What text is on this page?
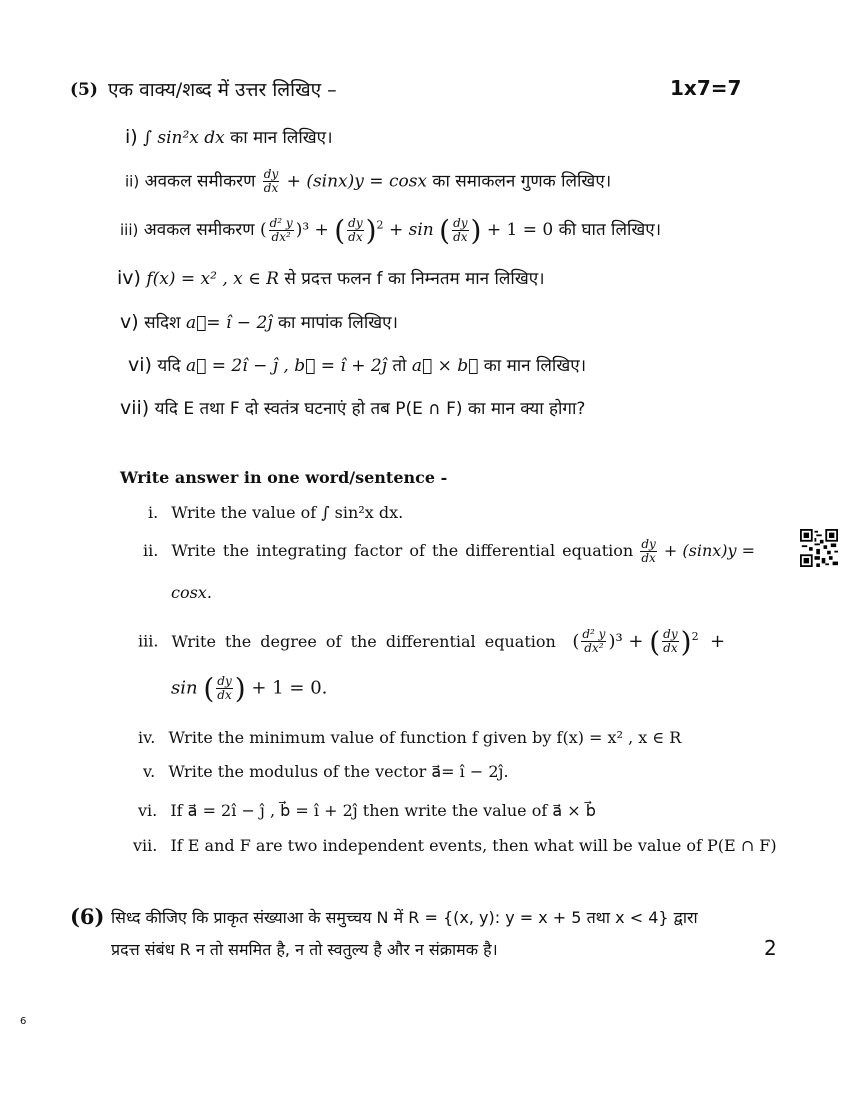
(5) एक वाक्य/शब्द में उत्तर लिखिए –	1x7=7
i) ∫ sin²x dx का मान लिखिए।
ii) अवकल समीकरण $\frac{dy}{dx} + (\sin x)y = \cos x$ का समाकलन गुणक लिखिए।
iii) अवकल समीकरण ( $\frac{\text{d² y}}{\text{dx²}} )^3$ + ( $\frac{dy}{dx} )^2 + \sin$ ( $\frac{dy}{dx}$ ) + 1 = 0 की घात लिखिए।
iv) f(x) = x² , x ∈ R से प्रदत्त फलन f का निम्नतम मान लिखिए।
v) सदिश a⃗= î − 2ĵ का मापांक लिखिए।
vi) यदि a⃗ = 2î − ĵ , b⃗ = î + 2ĵ तो a⃗ × b⃗ का मान लिखिए।
vii) यदि E तथा F दो स्वतंत्र घटनाएं हो तब P(E ∩ F) का मान क्या होगा?
Write answer in one word/sentence -
i. Write the value of ∫ sin²x dx.
ii. Write the integrating factor of the differential equation $\frac{dy}{dx} + (\sin x)y$ =
cosx.
iii. Write the degree of the differential equation   ( $\frac{\text{d² y}}{\text{dx²}} )^3$ + ( $\frac{dy}{dx} )^2$  +
sin ( $\frac{dy}{dx}$ ) + 1 = 0.
iv. Write the minimum value of function f given by f(x) = x² , x ∈ R
v. Write the modulus of the vector a⃗= î − 2ĵ.
vi. If a⃗ = 2î − ĵ , b⃗ = î + 2ĵ then write the value of a⃗ × b⃗
vii. If E and F are two independent events, then what will be value of P(E ∩ F)
(6) सिध्द कीजिए कि प्राकृत संख्याआ के समुच्चय N में R = {(x, y): y = x + 5 तथा x < 4} द्वारा
प्रदत्त संबंध R न तो सममित है, न तो स्वतुल्य है और न संक्रामक है।	2
6
